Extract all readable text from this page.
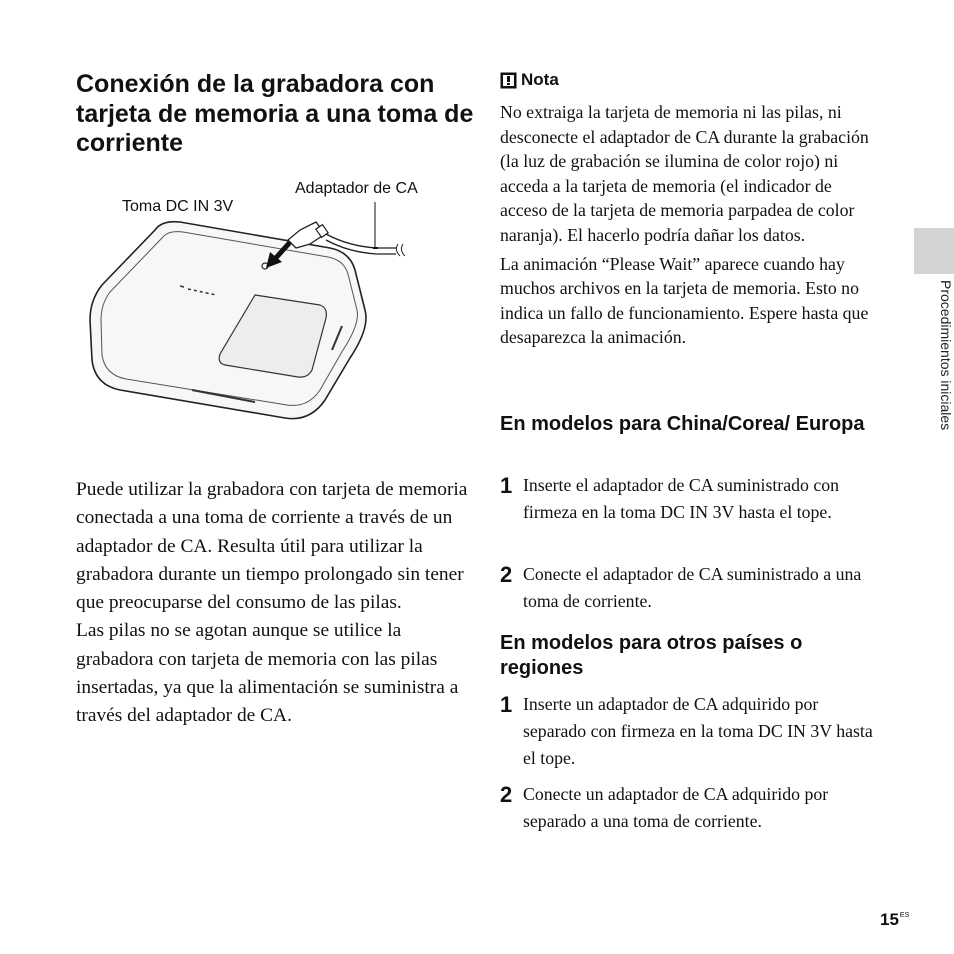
Conexión de la grabadora con tarjeta de memoria a una toma de corriente
Toma DC IN 3V
Adaptador de CA

Puede utilizar la grabadora con tarjeta de memoria conectada a una toma de corriente a través de un adaptador de CA. Resulta útil para utilizar la grabadora durante un tiempo prolongado sin tener que preocuparse del consumo de las pilas.

Las pilas no se agotan aunque se utilice la grabadora con tarjeta de memoria con las pilas insertadas, ya que la alimentación se suministra a través del adaptador de CA.

Nota

No extraiga la tarjeta de memoria ni las pilas, ni desconecte el adaptador de CA durante la grabación (la luz de grabación se ilumina de color rojo) ni acceda a la tarjeta de memoria (el indicador de acceso de la tarjeta de memoria parpadea de color naranja). El hacerlo podría dañar los datos.

La animación “Please Wait” aparece cuando hay muchos archivos en la tarjeta de memoria. Esto no indica un fallo de funcionamiento. Espere hasta que desaparezca la animación.

En modelos para China/Corea/ Europa
1 Inserte el adaptador de CA suministrado con firmeza en la toma DC IN 3V hasta el tope.
2 Conecte el adaptador de CA suministrado a una toma de corriente.
En modelos para otros países o regiones
1 Inserte un adaptador de CA adquirido por separado con firmeza en la toma DC IN 3V hasta el tope.
2 Conecte un adaptador de CA adquirido por separado a una toma de corriente.
Procedimientos iniciales
$15^{ES}$
